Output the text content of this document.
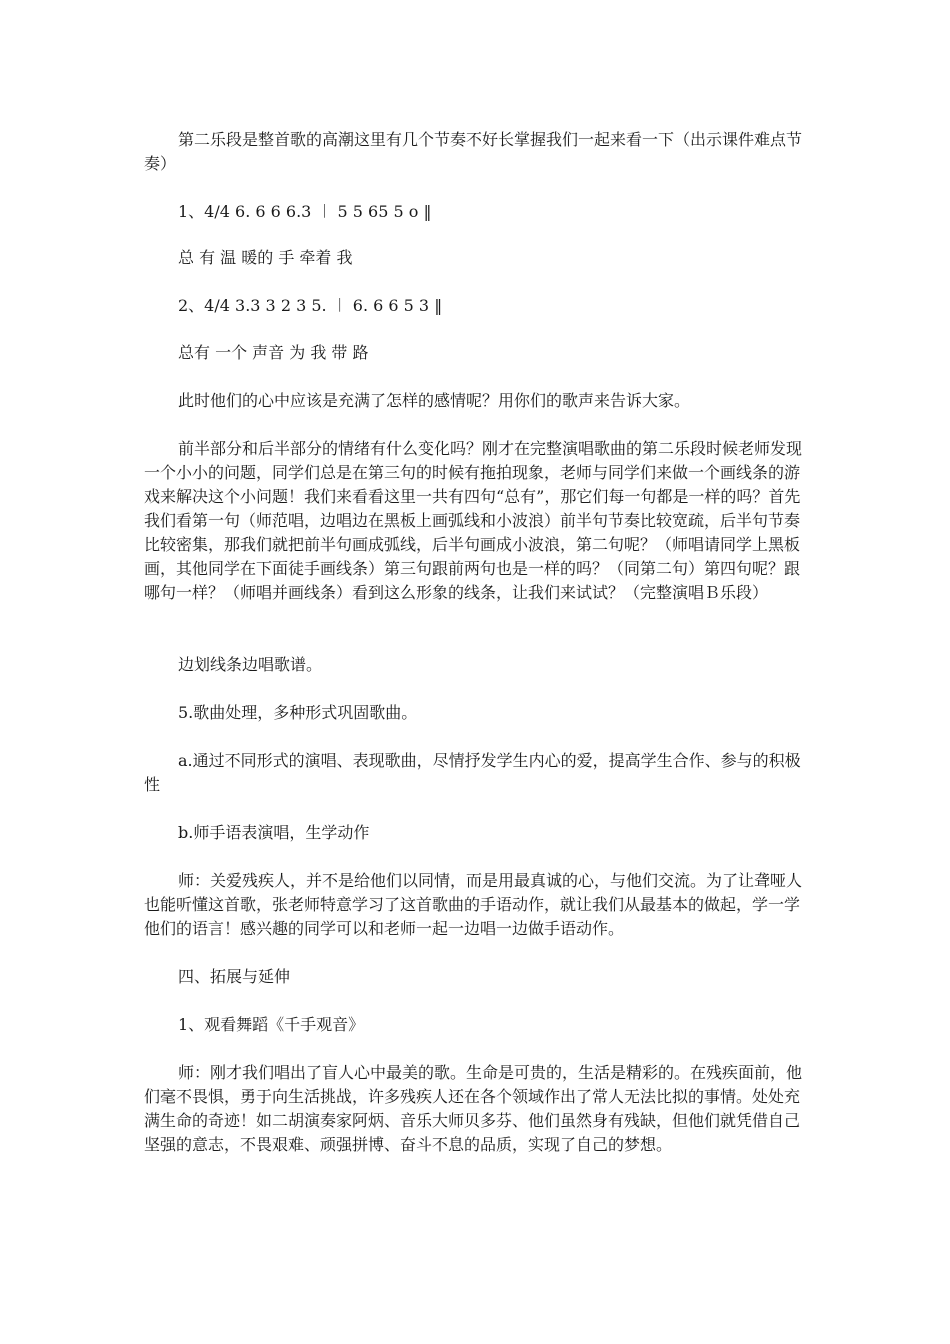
第二乐段是整首歌的高潮这里有几个节奏不好长掌握我们一起来看一下（出示课件难点节奏）

1、4/4 6. 6 6 6.3 ︱ 5 5 65 5 o ‖

总 有 温 暖的 手 牵着 我

2、4/4 3.3 3 2 3 5. ︱ 6. 6 6 5 3 ‖

总有 一个 声音 为 我 带 路

此时他们的心中应该是充满了怎样的感情呢？用你们的歌声来告诉大家。

前半部分和后半部分的情绪有什么变化吗？刚才在完整演唱歌曲的第二乐段时候老师发现一个小小的问题，同学们总是在第三句的时候有拖拍现象，老师与同学们来做一个画线条的游戏来解决这个小问题！我们来看看这里一共有四句“总有”，那它们每一句都是一样的吗？首先我们看第一句（师范唱，边唱边在黑板上画弧线和小波浪）前半句节奏比较宽疏，后半句节奏比较密集，那我们就把前半句画成弧线，后半句画成小波浪，第二句呢？（师唱请同学上黑板画，其他同学在下面徒手画线条）第三句跟前两句也是一样的吗？（同第二句）第四句呢？跟哪句一样？（师唱并画线条）看到这么形象的线条，让我们来试试？（完整演唱Ｂ乐段）

边划线条边唱歌谱。

5.歌曲处理，多种形式巩固歌曲。

a.通过不同形式的演唱、表现歌曲，尽情抒发学生内心的爱，提高学生合作、参与的积极性

b.师手语表演唱，生学动作

师：关爱残疾人，并不是给他们以同情，而是用最真诚的心，与他们交流。为了让聋哑人也能听懂这首歌，张老师特意学习了这首歌曲的手语动作，就让我们从最基本的做起，学一学他们的语言！感兴趣的同学可以和老师一起一边唱一边做手语动作。

四、拓展与延伸

1、观看舞蹈《千手观音》

师：刚才我们唱出了盲人心中最美的歌。生命是可贵的，生活是精彩的。在残疾面前，他们毫不畏惧，勇于向生活挑战，许多残疾人还在各个领域作出了常人无法比拟的事情。处处充满生命的奇迹！如二胡演奏家阿炳、音乐大师贝多芬、他们虽然身有残缺，但他们就凭借自己坚强的意志，不畏艰难、顽强拼博、奋斗不息的品质，实现了自己的梦想。
